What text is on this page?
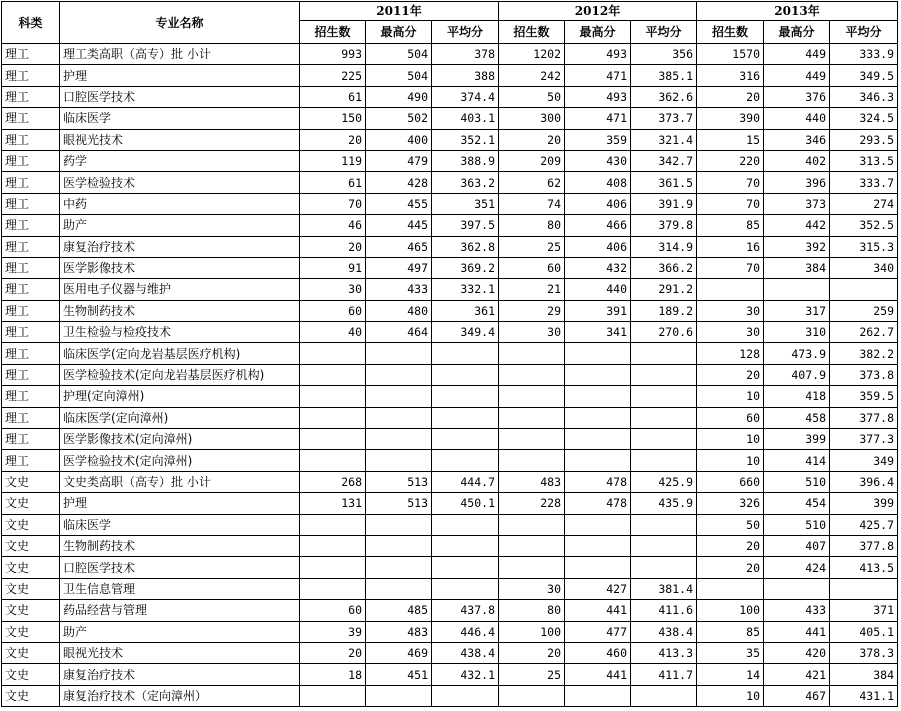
科类	专业名称	2011年			2012年			2013年		
		招生数	最高分	平均分	招生数	最高分	平均分	招生数	最高分	平均分
理工	理工类高职（高专）批 小计	993	504	378	1202	493	356	1570	449	333.9
理工	护理	225	504	388	242	471	385.1	316	449	349.5
理工	口腔医学技术	61	490	374.4	50	493	362.6	20	376	346.3
理工	临床医学	150	502	403.1	300	471	373.7	390	440	324.5
理工	眼视光技术	20	400	352.1	20	359	321.4	15	346	293.5
理工	药学	119	479	388.9	209	430	342.7	220	402	313.5
理工	医学检验技术	61	428	363.2	62	408	361.5	70	396	333.7
理工	中药	70	455	351	74	406	391.9	70	373	274
理工	助产	46	445	397.5	80	466	379.8	85	442	352.5
理工	康复治疗技术	20	465	362.8	25	406	314.9	16	392	315.3
理工	医学影像技术	91	497	369.2	60	432	366.2	70	384	340
理工	医用电子仪器与维护	30	433	332.1	21	440	291.2			
理工	生物制药技术	60	480	361	29	391	189.2	30	317	259
理工	卫生检验与检疫技术	40	464	349.4	30	341	270.6	30	310	262.7
理工	临床医学(定向龙岩基层医疗机构)							128	473.9	382.2
理工	医学检验技术(定向龙岩基层医疗机构)							20	407.9	373.8
理工	护理(定向漳州)							10	418	359.5
理工	临床医学(定向漳州)							60	458	377.8
理工	医学影像技术(定向漳州)							10	399	377.3
理工	医学检验技术(定向漳州)							10	414	349
文史	文史类高职（高专）批 小计	268	513	444.7	483	478	425.9	660	510	396.4
文史	护理	131	513	450.1	228	478	435.9	326	454	399
文史	临床医学							50	510	425.7
文史	生物制药技术							20	407	377.8
文史	口腔医学技术							20	424	413.5
文史	卫生信息管理				30	427	381.4			
文史	药品经营与管理	60	485	437.8	80	441	411.6	100	433	371
文史	助产	39	483	446.4	100	477	438.4	85	441	405.1
文史	眼视光技术	20	469	438.4	20	460	413.3	35	420	378.3
文史	康复治疗技术	18	451	432.1	25	441	411.7	14	421	384
文史	康复治疗技术（定向漳州）							10	467	431.1
